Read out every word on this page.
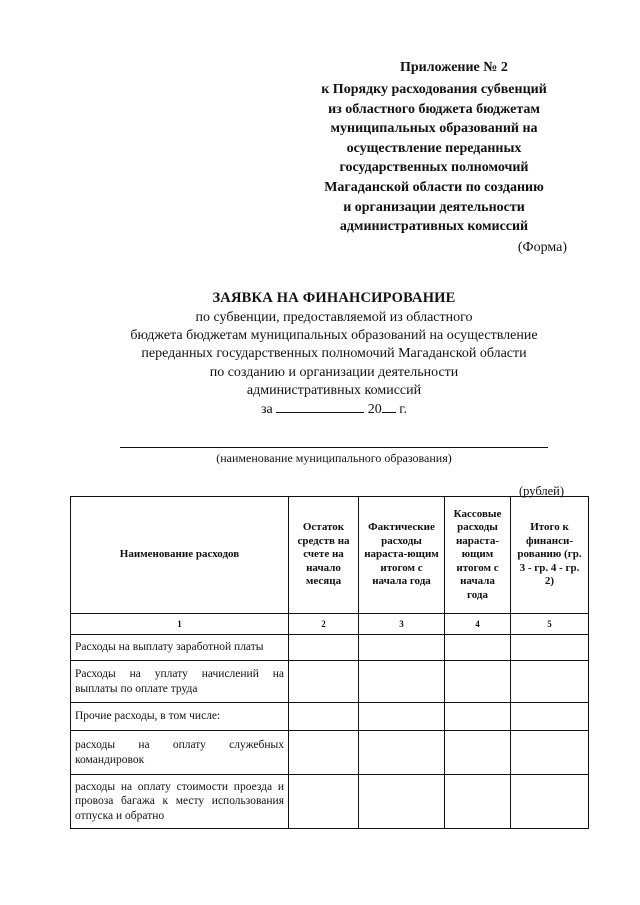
Приложение № 2
к Порядку расходования субвенций
из областного бюджета бюджетам
муниципальных образований на
осуществление переданных
государственных полномочий
Магаданской области по созданию
и организации деятельности
административных комиссий
(Форма)
ЗАЯВКА НА ФИНАНСИРОВАНИЕ
по субвенции, предоставляемой из областного
бюджета бюджетам муниципальных образований на осуществление
переданных государственных полномочий Магаданской области
по созданию и организации деятельности
административных комиссий
за	20 г.
(наименование муниципального образования)
(рублей)
Наименование расходов	Остаток средств на счете на начало месяца	Фактические расходы нараста-ющим итогом с начала года	Кассовые расходы нараста-ющим итогом с начала года	Итого к финанси-рованию (гр. 3 - гр. 4 - гр. 2)
1	2	3	4	5
Расходы на выплату заработной платы				
Расходы на уплату начислений на выплаты по оплате труда				
Прочие расходы, в том числе:				
расходы на оплату служебных командировок				
расходы на оплату стоимости проезда и провоза багажа к месту использования отпуска и обратно				
